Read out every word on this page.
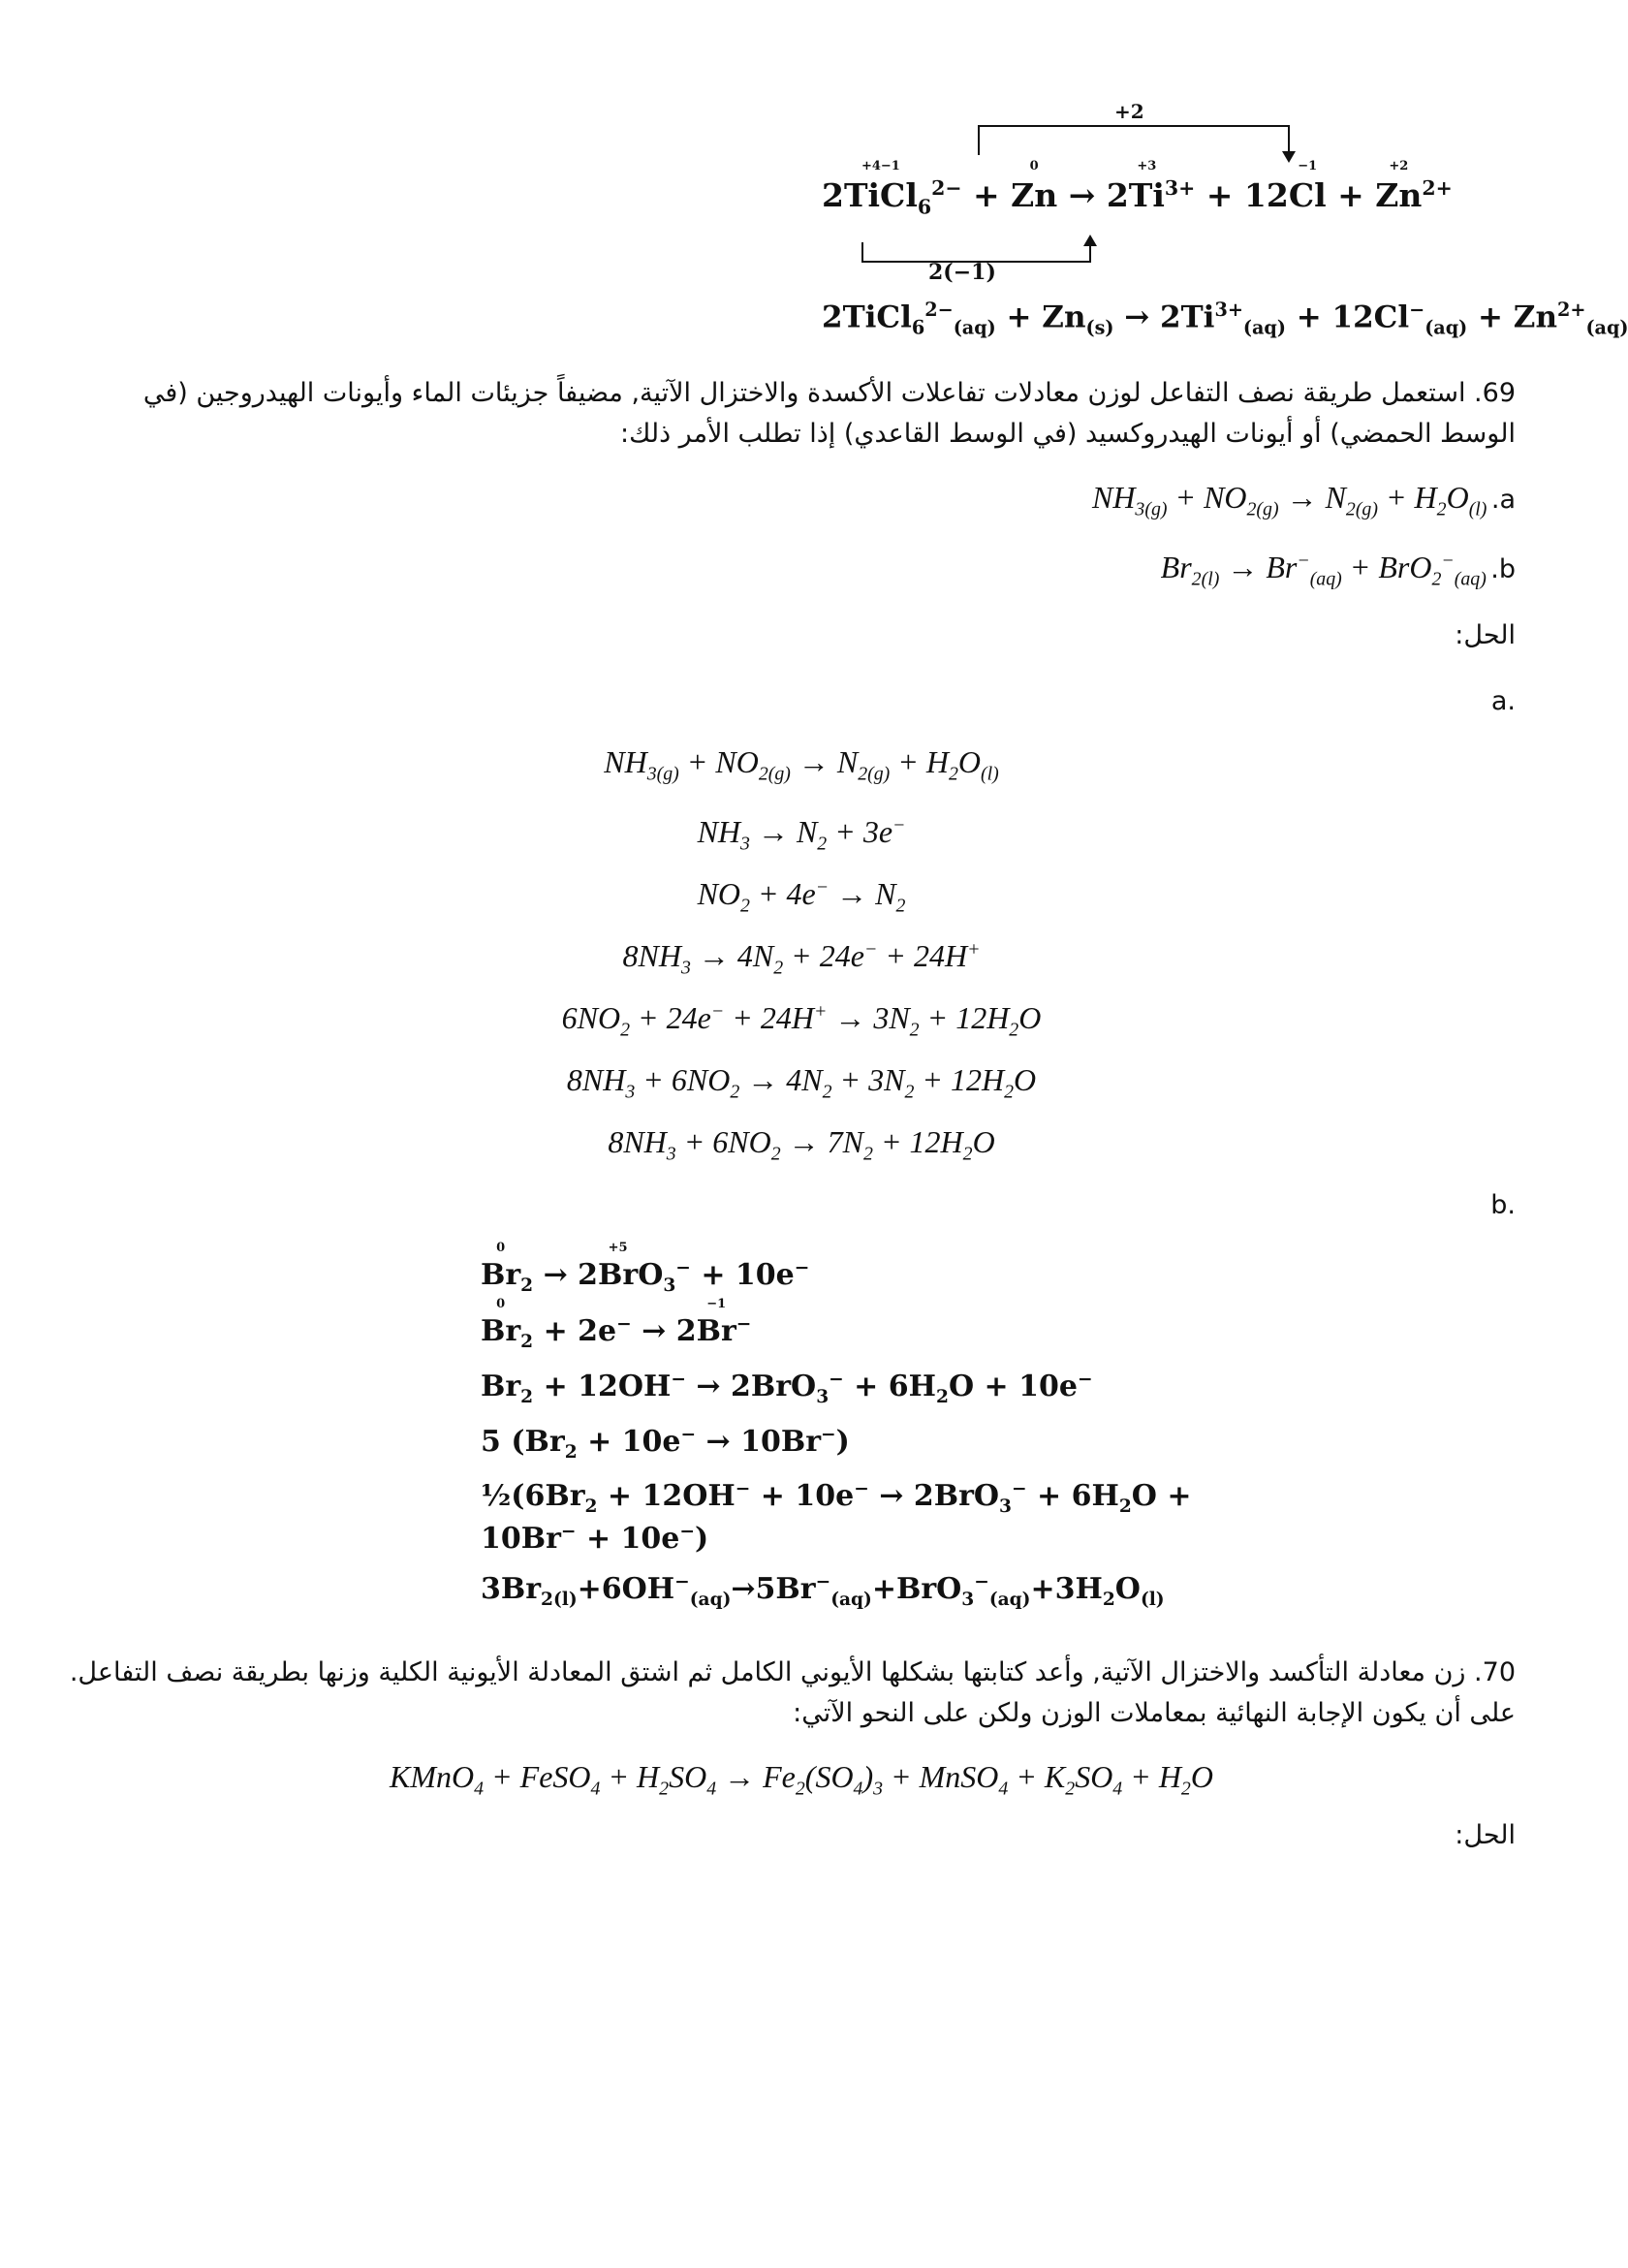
+2
2(−1)
2TiCl
+4−1
$_6^{2-}$ + Zn
0
→ 2Ti
+3
$^{3+}$ + 12Cl
−1
+ Zn
+2
$^{2+}$
2TiCl$_6^{2-}_{(aq)}$ + $Zn_{(s)} \to 2Ti^{3+}_{(aq)} + 12Cl^-_{(aq)} + Zn^{2+}_{(aq)}$
69. استعمل طريقة نصف التفاعل لوزن معادلات تفاعلات الأكسدة والاختزال الآتية, مضيفاً جزيئات الماء وأيونات الهيدروجين (في
الوسط الحمضي) أو أيونات الهيدروكسيد (في الوسط القاعدي) إذا تطلب الأمر ذلك:
$NH_{3(g)} + NO_{2(g)} \to N_{2(g)} + H_2O_{(l)}$ .a
$Br_{2(l)} \to Br^-_{(aq)} + BrO_2^-_{(aq)}$ .b
الحل:
.a
$NH_{3(g)} + NO_{2(g)} \to N_{2(g)} + H_2O_{(l)}$
$NH_3 \to N_2 + 3e^-$
$NO_2 + 4e^- \to N_2$
$8NH_3 \to 4N_2 + 24e^- + 24H^+$
$6NO_2 + 24e^- + 24H^+ \to 3N_2 + 12H_2O$
$8NH_3 + 6NO_2 \to 4N_2 + 3N_2 + 12H_2O$
$8NH_3 + 6NO_2 \to 7N_2 + 12H_2O$
.b
Br
0
$_2$ → 2Br
+5
$O_3^- + 10e^-$
Br
0
$_2$ + 2e− → 2Br
−1
−
$Br_2 + 12OH^- \to 2BrO_3^- + 6H_2O + 10e^-$
5 $(Br_2 + 10e^- \to 10Br^-)$
$\frac{1}{2}(6Br_2 + 12OH^- + 10e^- \to 2BrO_3^- + 6H_2O$ +
10Br− + 10e−)
$3Br_{2(l)}+6OH^-_{(aq)}\to 5Br^-_{(aq)}+BrO_3^-_{(aq)}+3H_2O_{(l)}$
70. زن معادلة التأكسد والاختزال الآتية, وأعد كتابتها بشكلها الأيوني الكامل ثم اشتق المعادلة الأيونية الكلية وزنها بطريقة نصف التفاعل.
على أن يكون الإجابة النهائية بمعاملات الوزن ولكن على النحو الآتي:
KMnO$_4$ + FeSO$_4$ + $H_2SO_4 \to Fe_2(SO_4)_3$ + MnSO$_4$ + $K_2SO_4 + H_2O$
الحل:
